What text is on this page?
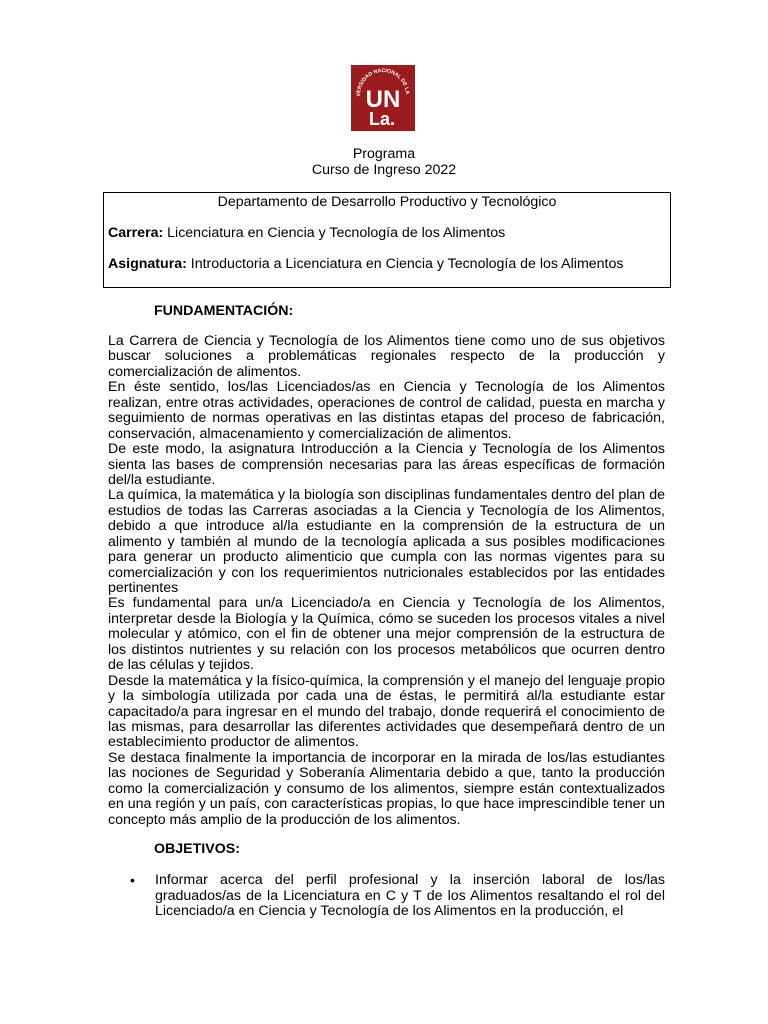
VERSIDAD NACIONAL DE LA
UN
La.
Programa
Curso de Ingreso 2022
Departamento de Desarrollo Productivo y Tecnológico
Carrera: Licenciatura en Ciencia y Tecnología de los Alimentos
Asignatura: Introductoria a Licenciatura en Ciencia y Tecnología de los Alimentos
FUNDAMENTACIÓN:

La Carrera de Ciencia y Tecnología de los Alimentos tiene como uno de sus objetivos buscar soluciones a problemáticas regionales respecto de la producción y comercialización de alimentos.

En éste sentido, los/las Licenciados/as en Ciencia y Tecnología de los Alimentos realizan, entre otras actividades, operaciones de control de calidad, puesta en marcha y seguimiento de normas operativas en las distintas etapas del proceso de fabricación, conservación, almacenamiento y comercialización de alimentos.

De este modo, la asignatura Introducción a la Ciencia y Tecnología de los Alimentos sienta las bases de comprensión necesarias para las áreas específicas de formación del/la estudiante.

La química, la matemática y la biología son disciplinas fundamentales dentro del plan de estudios de todas las Carreras asociadas a la Ciencia y Tecnología de los Alimentos, debido a que introduce al/la estudiante en la comprensión de la estructura de un alimento y también al mundo de la tecnología aplicada a sus posibles modificaciones para generar un producto alimenticio que cumpla con las normas vigentes para su comercialización y con los requerimientos nutricionales establecidos por las entidades pertinentes

Es fundamental para un/a Licenciado/a en Ciencia y Tecnología de los Alimentos, interpretar desde la Biología y la Química, cómo se suceden los procesos vitales a nivel molecular y atómico, con el fin de obtener una mejor comprensión de la estructura de los distintos nutrientes y su relación con los procesos metabólicos que ocurren dentro de las células y tejidos.

Desde la matemática y la físico-química, la comprensión y el manejo del lenguaje propio y la simbología utilizada por cada una de éstas, le permitirá al/la estudiante estar capacitado/a para ingresar en el mundo del trabajo, donde requerirá el conocimiento de las mismas, para desarrollar las diferentes actividades que desempeñará dentro de un establecimiento productor de alimentos.

Se destaca finalmente la importancia de incorporar en la mirada de los/las estudiantes las nociones de Seguridad y Soberanía Alimentaria debido a que, tanto la producción como la comercialización y consumo de los alimentos, siempre están contextualizados en una región y un país, con características propias, lo que hace imprescindible tener un concepto más amplio de la producción de los alimentos.

OBJETIVOS:
• Informar acerca del perfil profesional y la inserción laboral de los/las graduados/as de la Licenciatura en C y T de los Alimentos resaltando el rol del Licenciado/a en Ciencia y Tecnología de los Alimentos en la producción, el
